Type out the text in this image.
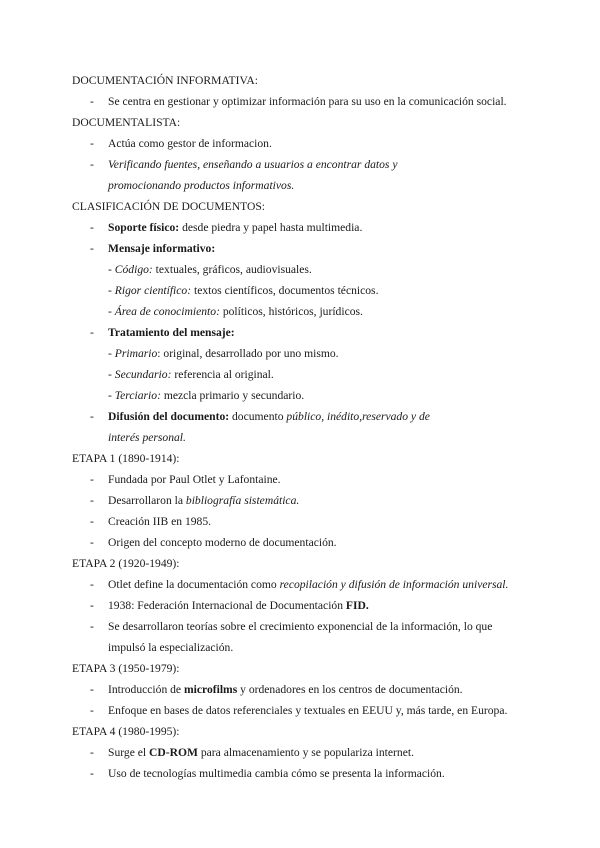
DOCUMENTACIÓN INFORMATIVA:
- Se centra en gestionar y optimizar información para su uso en la comunicación social.
DOCUMENTALISTA:
- Actúa como gestor de informacion.
- Verificando fuentes, enseñando a usuarios a encontrar datos y promocionando productos informativos.
CLASIFICACIÓN DE DOCUMENTOS:
- Soporte físico: desde piedra y papel hasta multimedia.
- Mensaje informativo:
- Código: textuales, gráficos, audiovisuales.
- Rigor científico: textos científicos, documentos técnicos.
- Área de conocimiento: políticos, históricos, jurídicos.
- Tratamiento del mensaje:
- Primario: original, desarrollado por uno mismo.
- Secundario: referencia al original.
- Terciario: mezcla primario y secundario.
- Difusión del documento: documento público, inédito,reservado y de interés personal.
ETAPA 1 (1890-1914):
- Fundada por Paul Otlet y Lafontaine.
- Desarrollaron la bibliografía sistemática.
- Creación IIB en 1985.
- Origen del concepto moderno de documentación.
ETAPA 2 (1920-1949):
- Otlet define la documentación como recopilación y difusión de información universal.
- 1938: Federación Internacional de Documentación FID.
- Se desarrollaron teorías sobre el crecimiento exponencial de la información, lo que impulsó la especialización.
ETAPA 3 (1950-1979):
- Introducción de microfilms y ordenadores en los centros de documentación.
- Enfoque en bases de datos referenciales y textuales en EEUU y, más tarde, en Europa.
ETAPA 4 (1980-1995):
- Surge el CD-ROM para almacenamiento y se populariza internet.
- Uso de tecnologías multimedia cambia cómo se presenta la información.
